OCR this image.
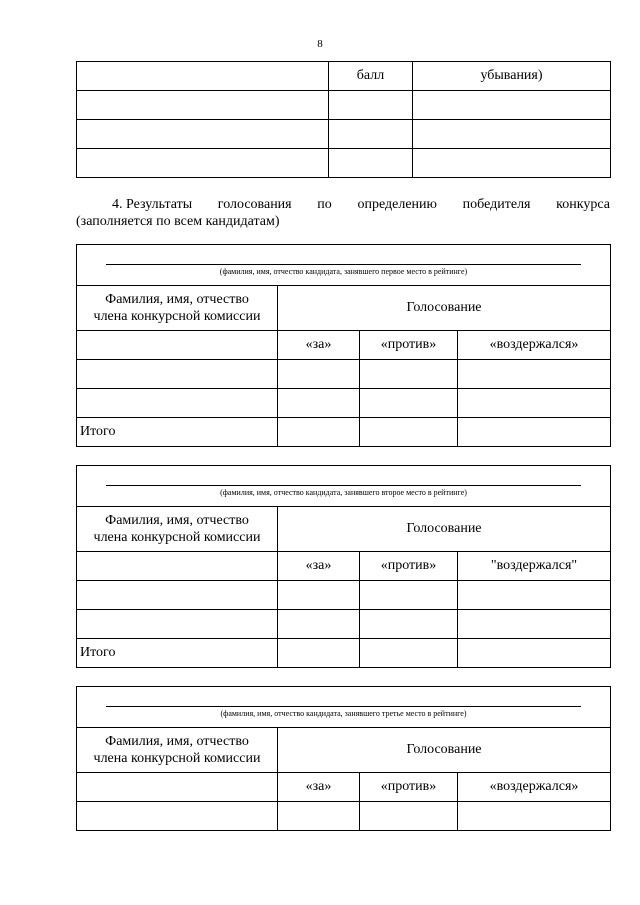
8
	балл	убывания)

4. Результаты голосования по определению победителя конкурса
(заполняется по всем кандидатам)
(фамилия, имя, отчество кандидата, занявшего первое место в рейтинге)			

Фамилия, имя, отчество
члена конкурсной комиссии	Голосование		

	«за»	«против»	«воздержался»

Итого			
(фамилия, имя, отчество кандидата, занявшего второе место в рейтинге)			

Фамилия, имя, отчество
члена конкурсной комиссии	Голосование		

	«за»	«против»	"воздержался"

Итого			
(фамилия, имя, отчество кандидата, занявшего третье место в рейтинге)			

Фамилия, имя, отчество
члена конкурсной комиссии	Голосование		

	«за»	«против»	«воздержался»
